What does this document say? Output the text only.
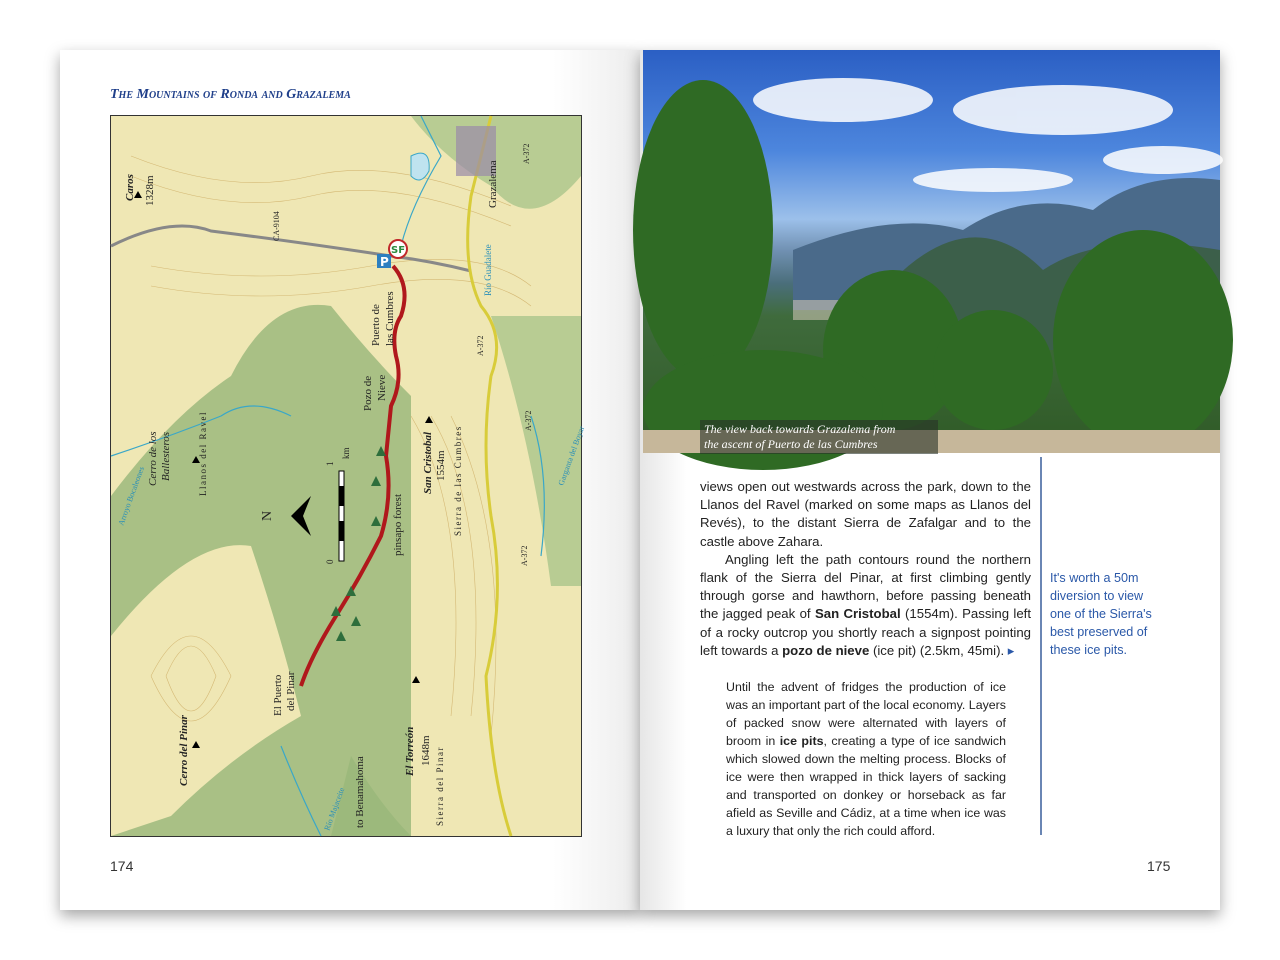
The Mountains of Ronda and Grazalema
P
SF
Caros 1328m
CA-9104
Grazalema
A-372
A-372
A-372
A-372
Río Guadalete
Puerto de las Cumbres
Pozo de Nieve
San Cristobal 1554m Sierra de las Cumbres
Llanos del Ravel
Cerro de los Ballesteros
Arroyo Bocaleones	pinsapo forest
0
1
km
N
El Torreón 1648m Sierra del Pinar
El Puerto del Pinar
Cerro del Pinar
Río Majaceite to Benamahoma
Garganta del Boyar
174
The view back towards Grazalema from
the ascent of Puerto de las Cumbres

views open out westwards across the park, down to the Llanos del Ravel (marked on some maps as Llanos del Revés), to the distant Sierra de Zafalgar and to the castle above Zahara.

Angling left the path contours round the northern flank of the Sierra del Pinar, at first climbing gently through gorse and hawthorn, before passing beneath the jagged peak of San Cristobal (1554m). Passing left of a rocky outcrop you shortly reach a signpost pointing left towards a pozo de nieve (ice pit) (2.5km, 45mi). ▸

Until the advent of fridges the production of ice was an important part of the local economy. Layers of packed snow were alternated with layers of broom in ice pits, creating a type of ice sandwich which slowed down the melting process. Blocks of ice were then wrapped in thick layers of sacking and transported on donkey or horseback as far afield as Seville and Cádiz, at a time when ice was a luxury that only the rich could afford.
It's worth a 50m diversion to view one of the Sierra's best preserved of these ice pits.
175
